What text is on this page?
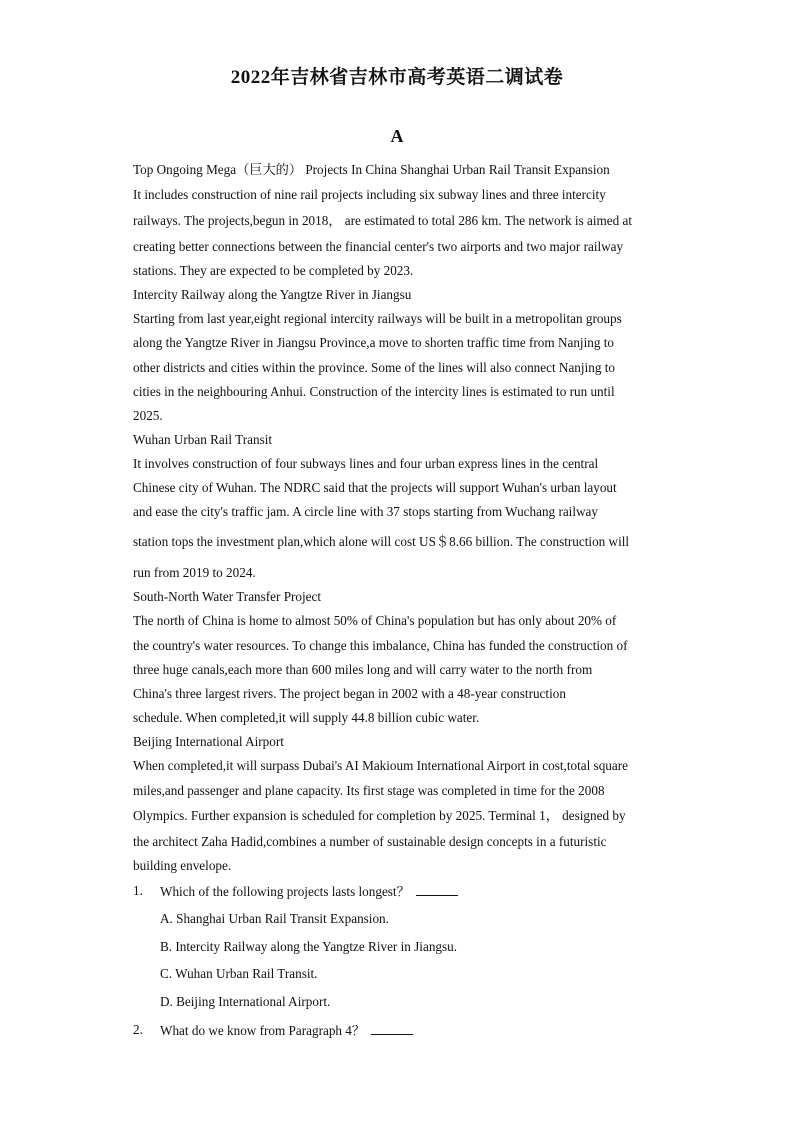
2022年吉林省吉林市高考英语二调试卷
A
Top Ongoing Mega（巨大的） Projects In China Shanghai Urban Rail Transit Expansion
It includes construction of nine rail projects including six subway lines and three intercity
railways. The projects,begun in 2018， are estimated to total 286 km. The network is aimed at
creating better connections between the financial center's two airports and two major railway
stations. They are expected to be completed by 2023.
Intercity Railway along the Yangtze River in Jiangsu
Starting from last year,eight regional intercity railways will be built in a metropolitan groups
along the Yangtze River in Jiangsu Province,a move to shorten traffic time from Nanjing to
other districts and cities within the province. Some of the lines will also connect Nanjing to
cities in the neighbouring Anhui. Construction of the intercity lines is estimated to run until
2025.
Wuhan Urban Rail Transit
It involves construction of four subways lines and four urban express lines in the central
Chinese city of Wuhan. The NDRC said that the projects will support Wuhan's urban layout
and ease the city's traffic jam. A circle line with 37 stops starting from Wuchang railway
station tops the investment plan,which alone will cost US＄8.66 billion. The construction will
run from 2019 to 2024.
South-North Water Transfer Project
The north of China is home to almost 50% of China's population but has only about 20% of
the country's water resources. To change this imbalance, China has funded the construction of
three huge canals,each more than 600 miles long and will carry water to the north from
China's three largest rivers. The project began in 2002 with a 48-year construction
schedule. When completed,it will supply 44.8 billion cubic water.
Beijing International Airport
When completed,it will surpass Dubai's AI Makioum International Airport in cost,total square
miles,and passenger and plane capacity. Its first stage was completed in time for the 2008
Olympics. Further expansion is scheduled for completion by 2025. Terminal 1， designed by
the architect Zaha Hadid,combines a number of sustainable design concepts in a futuristic
building envelope.
1. Which of the following projects lasts longest？
A. Shanghai Urban Rail Transit Expansion.
B. Intercity Railway along the Yangtze River in Jiangsu.
C. Wuhan Urban Rail Transit.
D. Beijing International Airport.
2. What do we know from Paragraph 4？
